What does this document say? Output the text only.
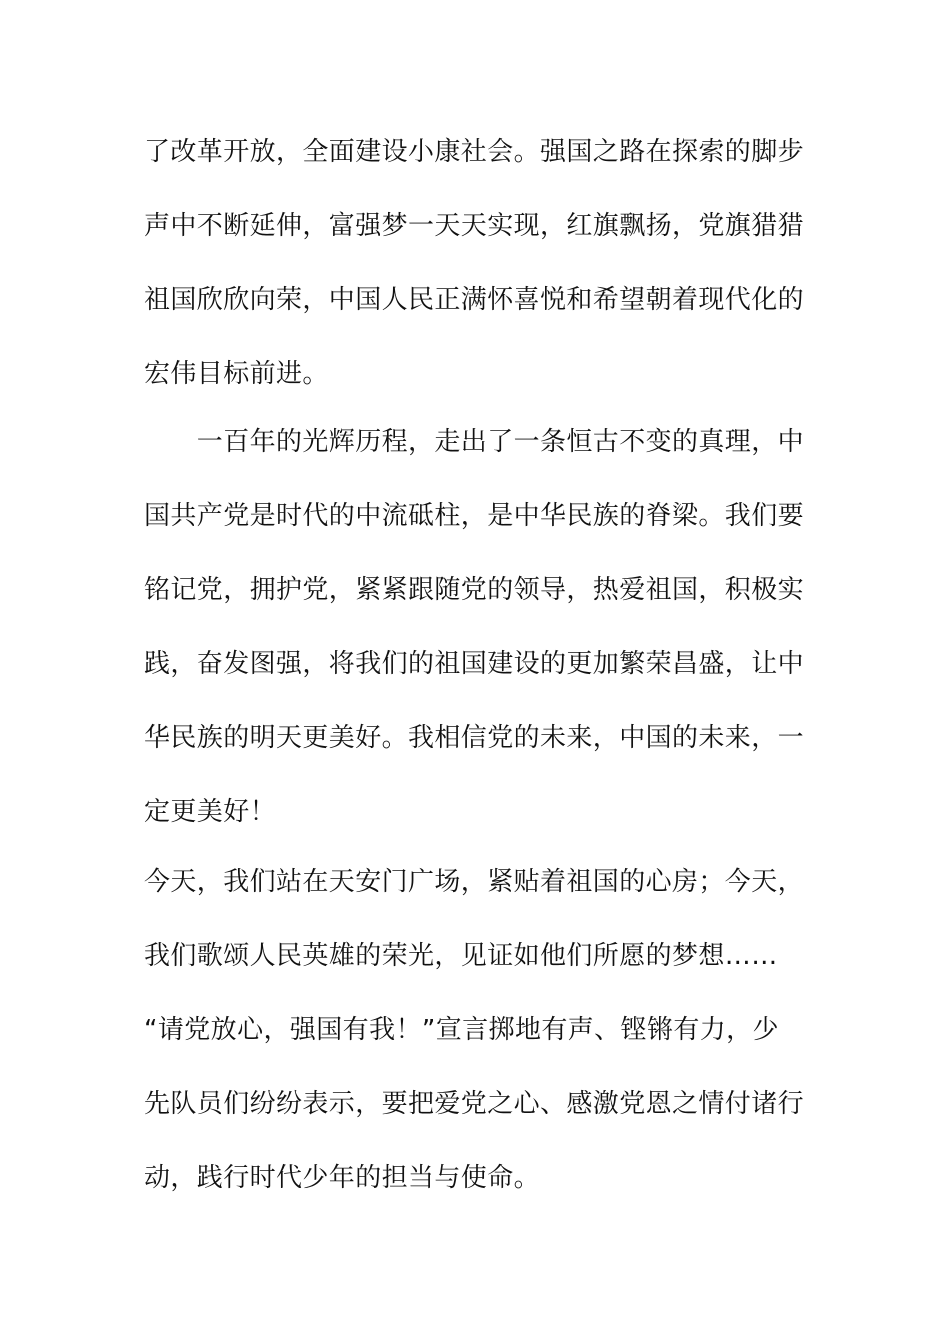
了改革开放，全面建设小康社会。强国之路在探索的脚步
声中不断延伸，富强梦一天天实现，红旗飘扬，党旗猎猎
祖国欣欣向荣，中国人民正满怀喜悦和希望朝着现代化的
宏伟目标前进。
　　一百年的光辉历程，走出了一条恒古不变的真理，中
国共产党是时代的中流砥柱，是中华民族的脊梁。我们要
铭记党，拥护党，紧紧跟随党的领导，热爱祖国，积极实
践，奋发图强，将我们的祖国建设的更加繁荣昌盛，让中
华民族的明天更美好。我相信党的未来，中国的未来，一
定更美好！
今天，我们站在天安门广场，紧贴着祖国的心房；今天，
我们歌颂人民英雄的荣光，见证如他们所愿的梦想……
“请党放心，强国有我！”宣言掷地有声、铿锵有力，少
先队员们纷纷表示，要把爱党之心、感激党恩之情付诸行
动，践行时代少年的担当与使命。
